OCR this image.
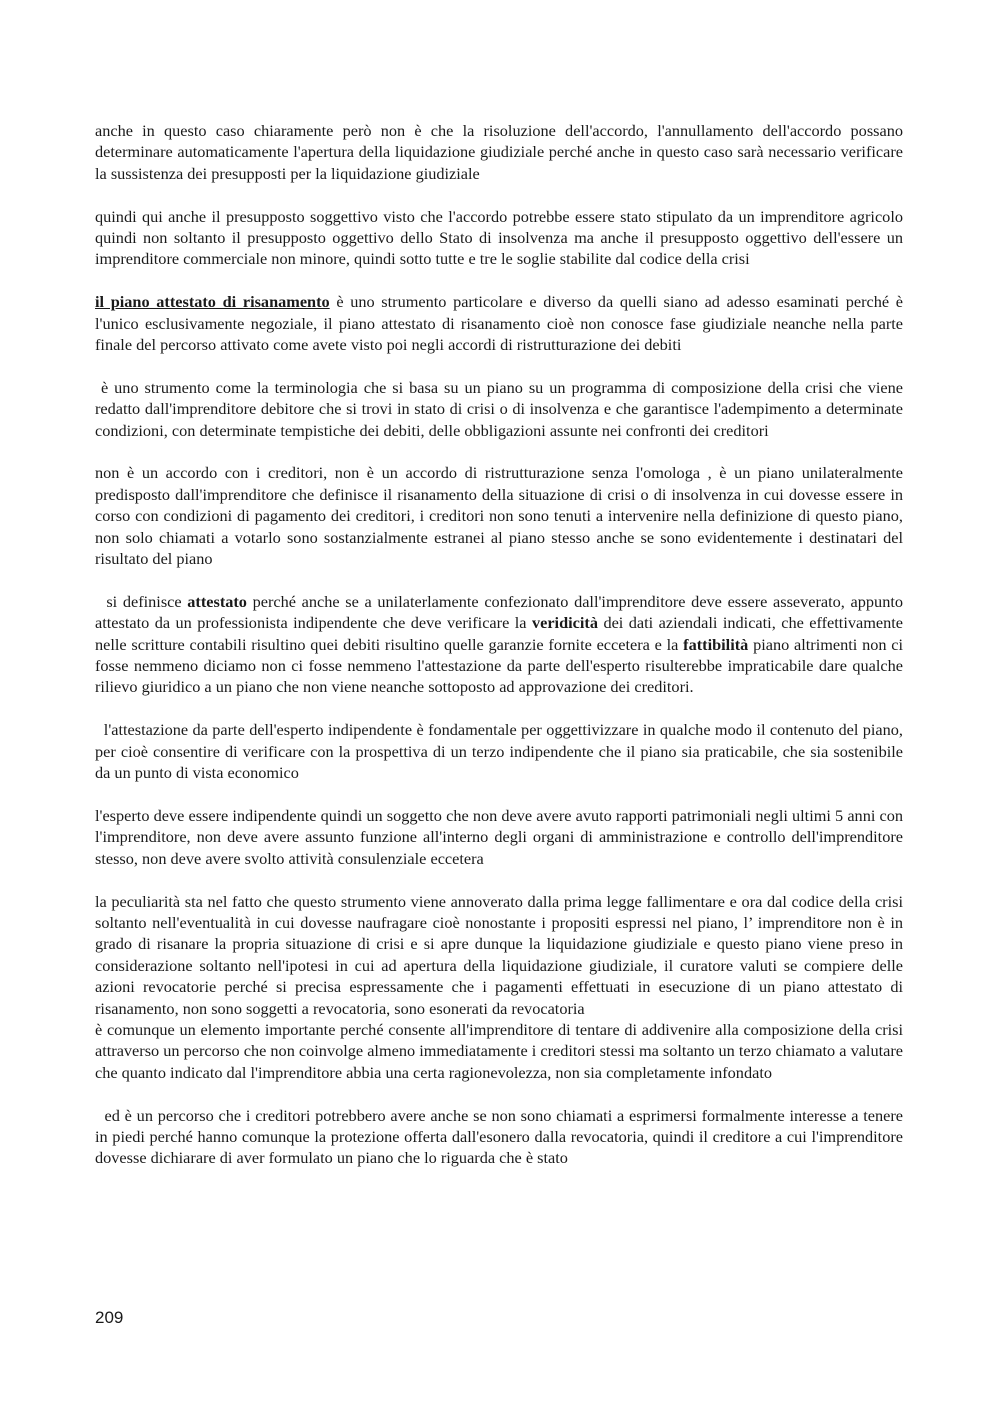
anche in questo caso chiaramente però non è che la risoluzione dell'accordo, l'annullamento dell'accordo possano determinare automaticamente l'apertura della liquidazione giudiziale perché anche in questo caso sarà necessario verificare la sussistenza dei presupposti per la liquidazione giudiziale

quindi qui anche il presupposto soggettivo visto che l'accordo potrebbe essere stato stipulato da un imprenditore agricolo quindi non soltanto il presupposto oggettivo dello Stato di insolvenza ma anche il presupposto oggettivo dell'essere un imprenditore commerciale non minore, quindi sotto tutte e tre le soglie stabilite dal codice della crisi

il piano attestato di risanamento è uno strumento particolare e diverso da quelli siano ad adesso esaminati perché è l'unico esclusivamente negoziale, il piano attestato di risanamento cioè non conosce fase giudiziale neanche nella parte finale del percorso attivato come avete visto poi negli accordi di ristrutturazione dei debiti

è uno strumento come la terminologia che si basa su un piano su un programma di composizione della crisi che viene redatto dall'imprenditore debitore che si trovi in stato di crisi o di insolvenza e che garantisce l'adempimento a determinate condizioni, con determinate tempistiche dei debiti, delle obbligazioni assunte nei confronti dei creditori

non è un accordo con i creditori, non è un accordo di ristrutturazione senza l'omologa , è un piano unilateralmente predisposto dall'imprenditore che definisce il risanamento della situazione di crisi o di insolvenza in cui dovesse essere in corso con condizioni di pagamento dei creditori, i creditori non sono tenuti a intervenire nella definizione di questo piano, non solo chiamati a votarlo sono sostanzialmente estranei al piano stesso anche se sono evidentemente i destinatari del risultato del piano

si definisce attestato perché anche se a unilaterlamente confezionato dall'imprenditore deve essere asseverato, appunto attestato da un professionista indipendente che deve verificare la veridicità dei dati aziendali indicati, che effettivamente nelle scritture contabili risultino quei debiti risultino quelle garanzie fornite eccetera e la fattibilità piano altrimenti non ci fosse nemmeno diciamo non ci fosse nemmeno l'attestazione da parte dell'esperto risulterebbe impraticabile dare qualche rilievo giuridico a un piano che non viene neanche sottoposto ad approvazione dei creditori.

l'attestazione da parte dell'esperto indipendente è fondamentale per oggettivizzare in qualche modo il contenuto del piano,  per cioè consentire di verificare con la prospettiva di un terzo indipendente che il piano sia praticabile, che sia sostenibile da un punto di vista economico

l'esperto deve essere indipendente quindi un soggetto che non deve avere avuto rapporti patrimoniali negli ultimi 5 anni con l'imprenditore, non deve avere assunto funzione all'interno degli organi di amministrazione e controllo dell'imprenditore stesso, non deve avere svolto attività consulenziale eccetera

la peculiarità sta nel fatto che questo strumento viene annoverato dalla prima legge fallimentare e ora dal codice della crisi soltanto nell'eventualità in cui dovesse naufragare cioè nonostante i propositi espressi nel piano, l’ imprenditore non è in grado di risanare la propria situazione di crisi e si apre dunque la liquidazione giudiziale e questo piano viene preso in considerazione soltanto nell'ipotesi in cui ad apertura della liquidazione giudiziale, il curatore valuti se compiere delle azioni revocatorie perché si precisa espressamente che i pagamenti effettuati in esecuzione di un piano attestato di risanamento, non sono soggetti a revocatoria, sono esonerati da revocatoria

è comunque un elemento importante perché consente all'imprenditore di tentare di addivenire alla composizione della crisi attraverso un percorso che non coinvolge almeno immediatamente i creditori stessi ma soltanto un terzo chiamato a valutare che quanto indicato dal l'imprenditore abbia una certa ragionevolezza, non sia completamente infondato

ed è un percorso che i creditori potrebbero avere anche se non sono chiamati a esprimersi formalmente interesse a tenere in piedi perché hanno comunque la protezione offerta dall'esonero dalla revocatoria, quindi il creditore a cui l'imprenditore dovesse dichiarare di aver formulato un piano che lo riguarda che è stato

209
